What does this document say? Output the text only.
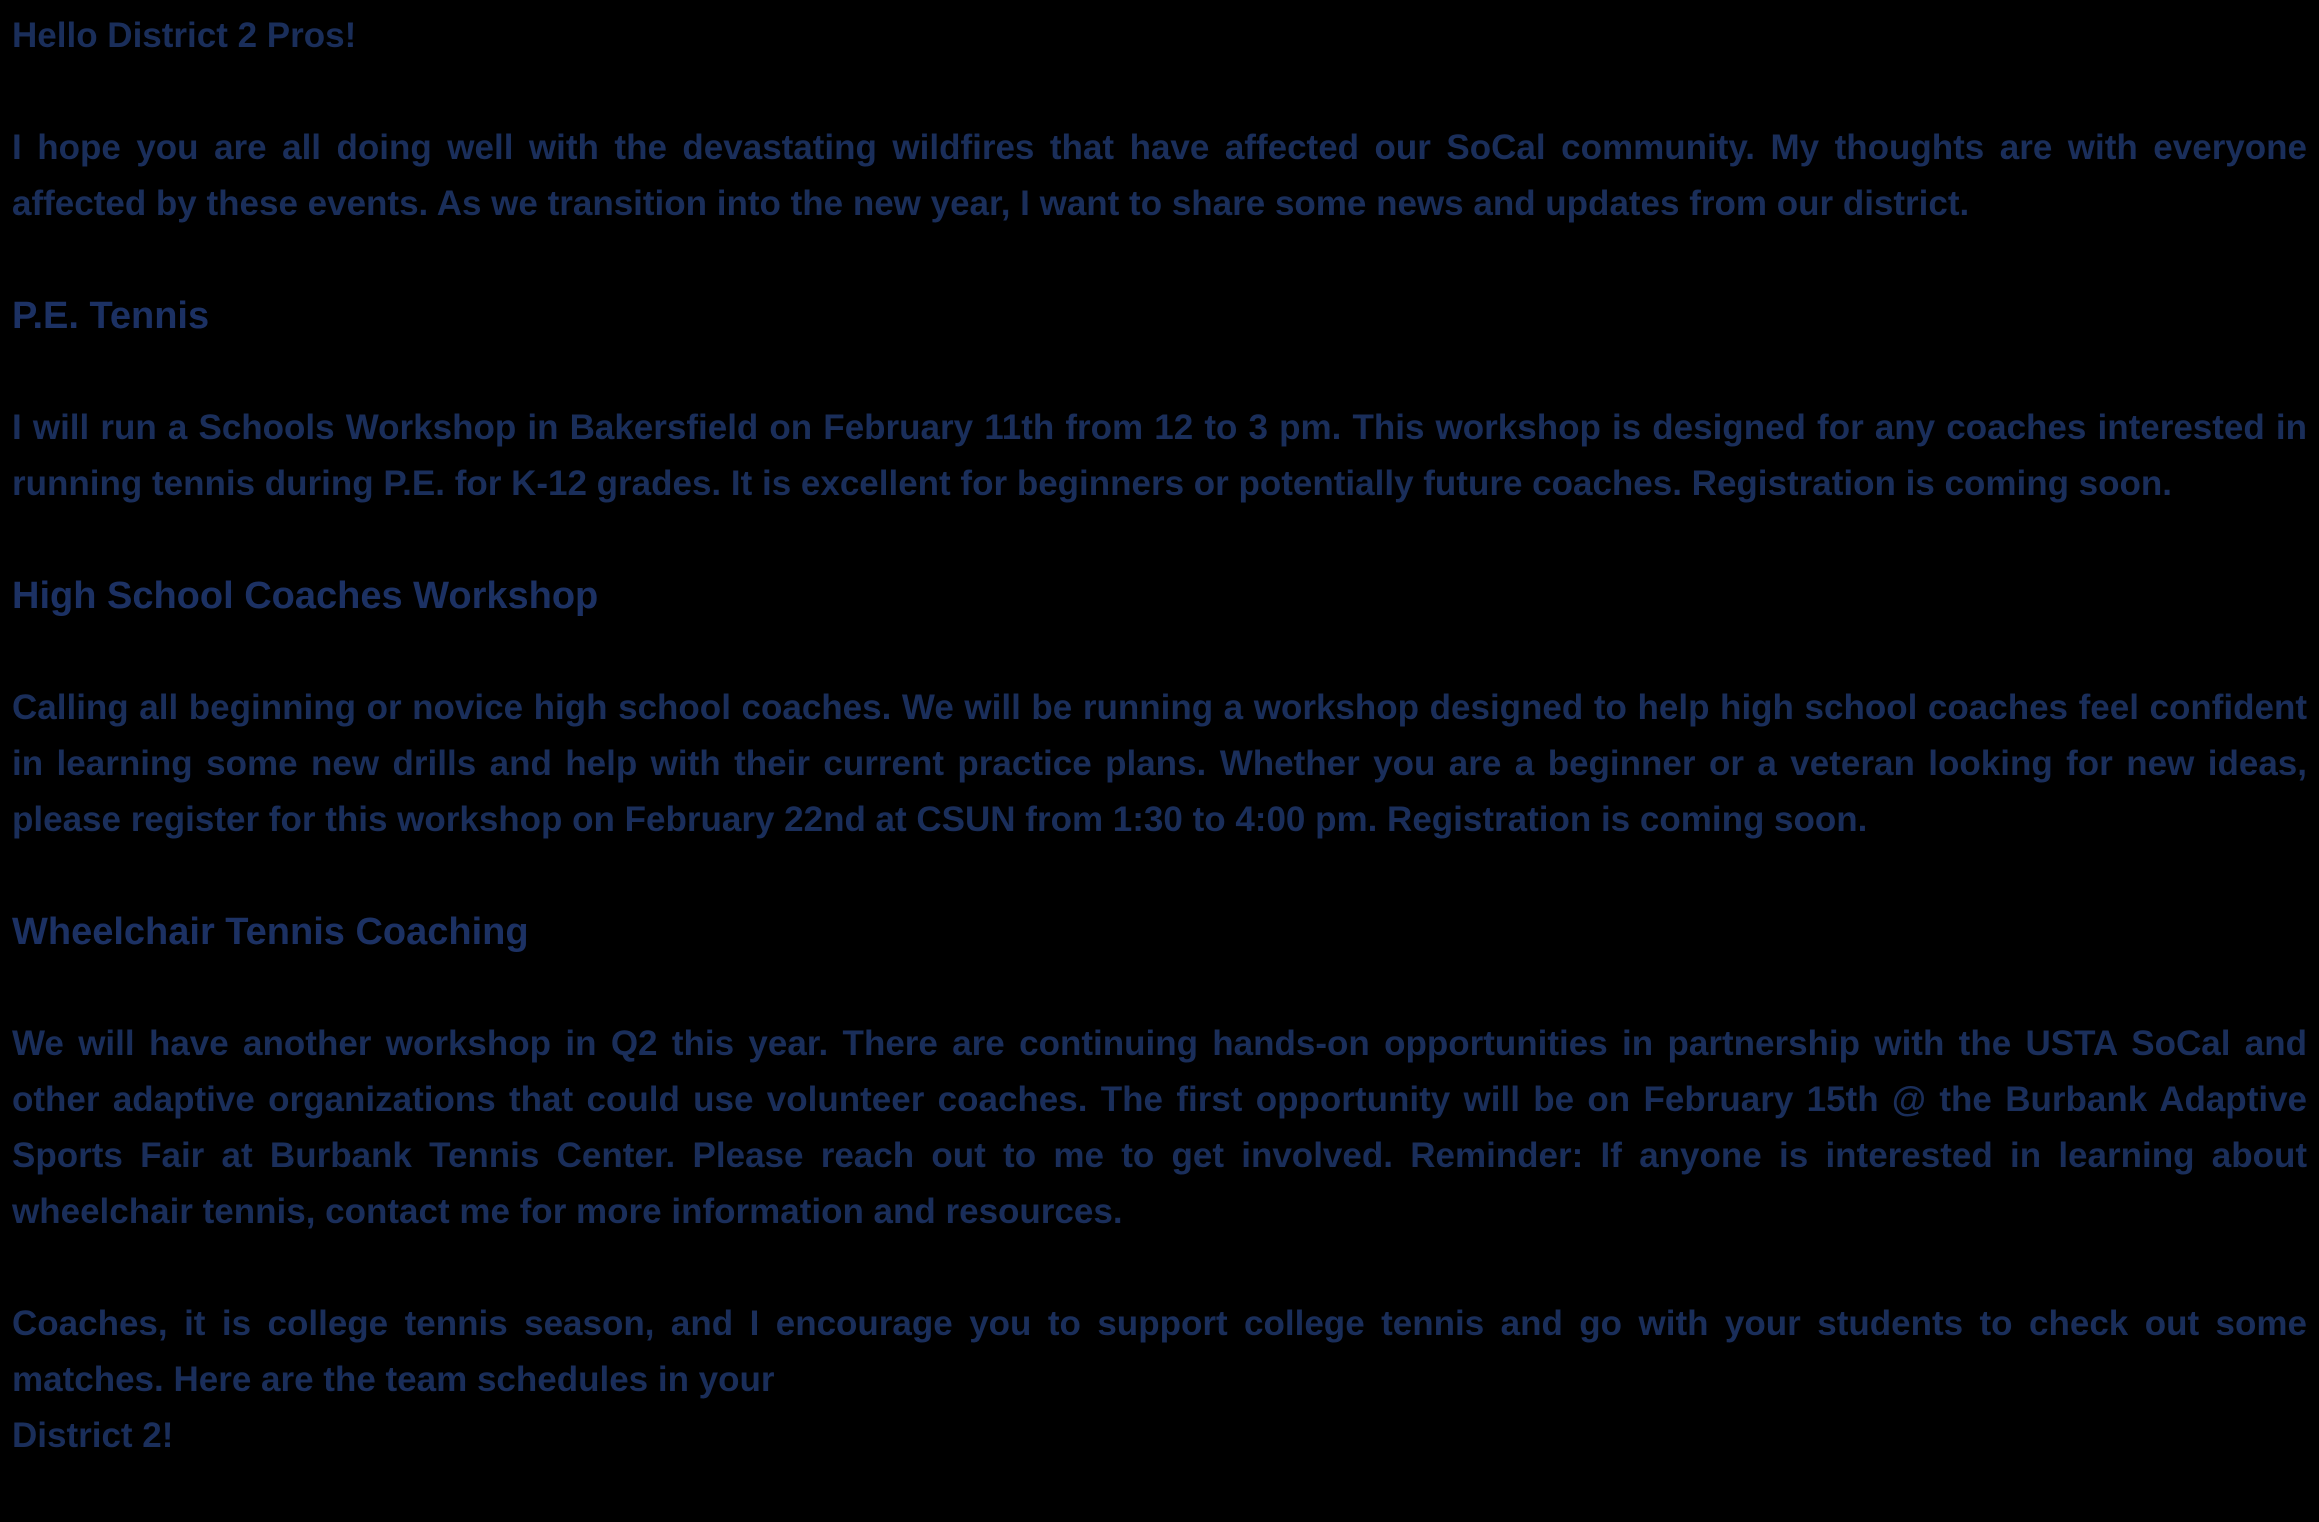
Hello District 2 Pros!

I hope you are all doing well with the devastating wildfires that have affected our SoCal community. My thoughts are with everyone affected by these events. As we transition into the new year, I want to share some news and updates from our district.

P.E. Tennis

I will run a Schools Workshop in Bakersfield on February 11th from 12 to 3 pm. This workshop is designed for any coaches interested in running tennis during P.E. for K-12 grades. It is excellent for beginners or potentially future coaches. Registration is coming soon.

High School Coaches Workshop

Calling all beginning or novice high school coaches. We will be running a workshop designed to help high school coaches feel confident in learning some new drills and help with their current practice plans. Whether you are a beginner or a veteran looking for new ideas, please register for this workshop on February 22nd at CSUN from 1:30 to 4:00 pm. Registration is coming soon.

Wheelchair Tennis Coaching

We will have another workshop in Q2 this year. There are continuing hands-on opportunities in partnership with the USTA SoCal and other adaptive organizations that could use volunteer coaches. The first opportunity will be on February 15th @ the Burbank Adaptive Sports Fair at Burbank Tennis Center. Please reach out to me to get involved. Reminder: If anyone is interested in learning about wheelchair tennis, contact me for more information and resources.

Coaches, it is college tennis season, and I encourage you to support college tennis and go with your students to check out some matches. Here are the team schedules in your
District 2!
